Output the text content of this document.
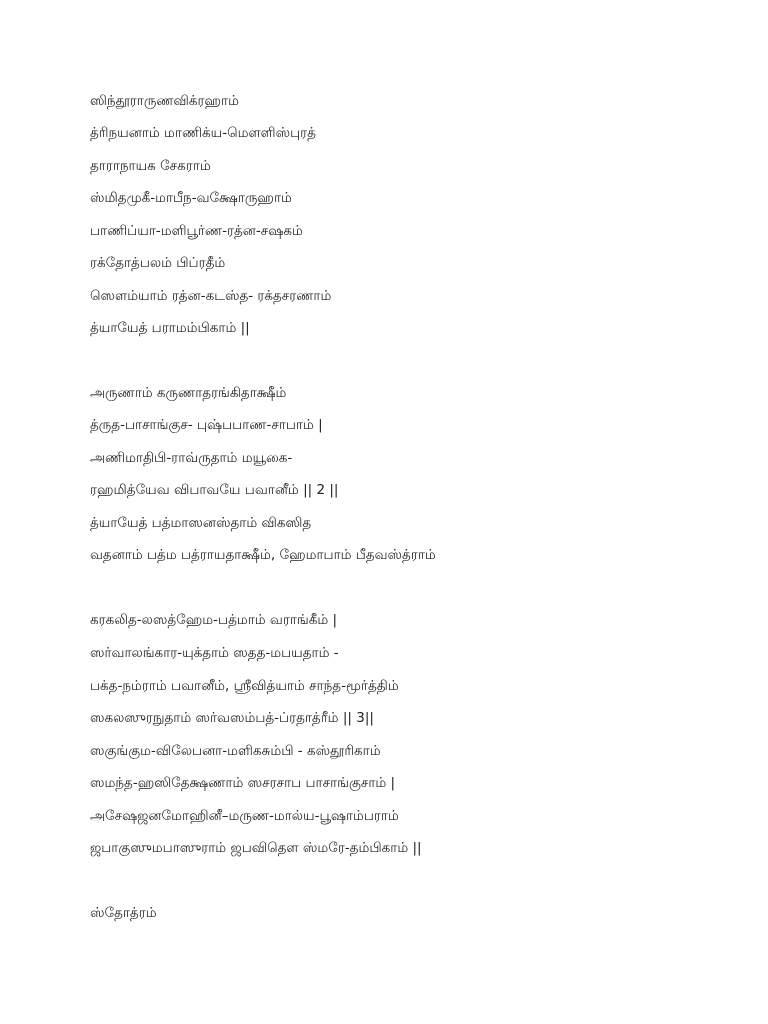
ஸிந்தூராருணவிக்ரஹாம்
த்ரிநயனாம் மாணிக்ய-மௌளிஸ்புரத்
தாராநாயக சேகராம்
ஸ்மிதமுகீ-மாபீந-வக்ஷோருஹாம்
பாணிப்யா-மளிபூர்ண-ரத்ன-சஷகம்
ரக்தோத்பலம் பிப்ரதீம்
ஸௌம்யாம் ரத்ன-கடஸ்த- ரக்தசரணாம்
த்யாயேத் பராமம்பிகாம் ||
அருணாம் கருணாதரங்கிதாக்ஷீம்
த்ருத-பாசாங்குச- புஷ்பபாண-சாபாம் |
அணிமாதிபி-ராவ்ருதாம் மயூகை-
ரஹமித்யேவ விபாவயே பவானீம் || 2 ||
த்யாயேத் பத்மாஸனஸ்தாம் விகஸித
வதனாம் பத்ம பத்ராயதாக்ஷீம், ஹேமாபாம் பீதவஸ்த்ராம்
கரகலித-லஸத்ஹேம-பத்மாம் வராங்கீம் |
ஸர்வாலங்கார-யுக்தாம் ஸதத-மபயதாம் -
பக்த-நம்ராம் பவானீம், ஸ்ரீவித்யாம் சாந்த-மூர்த்திம்
ஸகலஸுரநுதாம் ஸர்வஸம்பத்-ப்ரதாத்ரீம் || 3||
ஸகுங்கும-விலேபனா-மளிகசும்பி - கஸ்தூரிகாம்
ஸமந்த-ஹஸிதேக்ஷணாம் ஸசரசாப பாசாங்குசாம் |
அசேஷஜனமோஹினீ–மருண-மால்ய-பூஷாம்பராம்
ஜபாகுஸுமபாஸுராம் ஜபவிதௌ ஸ்மரே-தம்பிகாம் ||
ஸ்தோத்ரம்
